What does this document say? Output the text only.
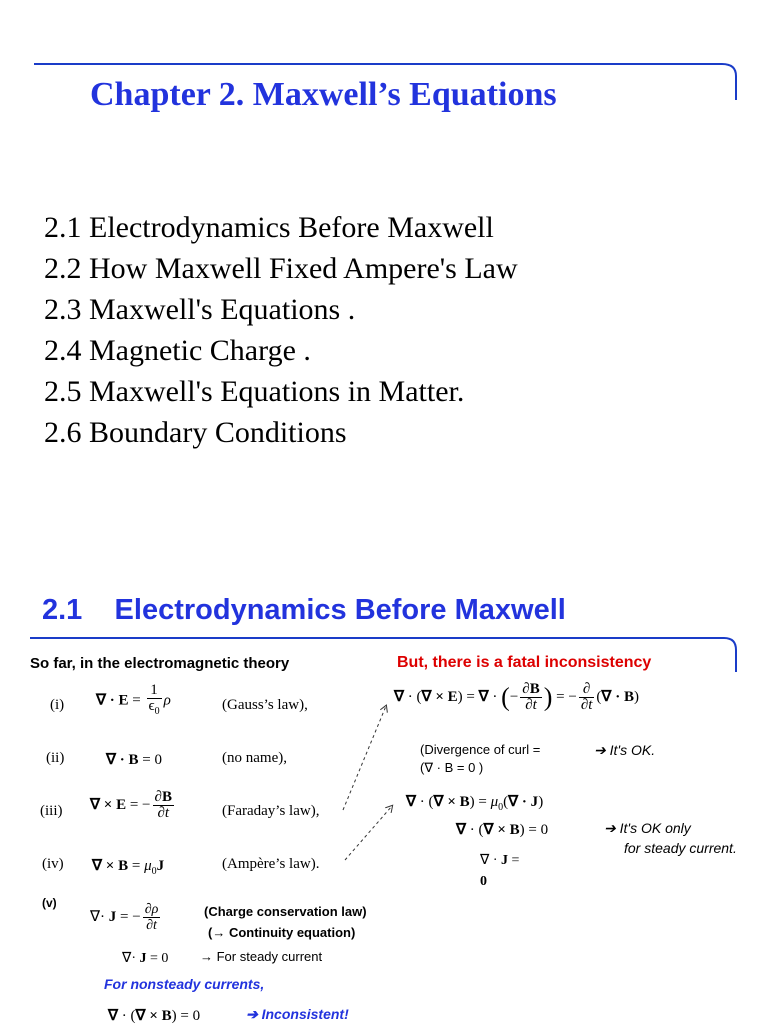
Chapter 2. Maxwell’s Equations
2.1 Electrodynamics Before Maxwell
2.2 How Maxwell Fixed Ampere's Law
2.3 Maxwell's Equations .
2.4 Magnetic Charge .
2.5 Maxwell's Equations in Matter.
2.6 Boundary Conditions
2.1    Electrodynamics Before Maxwell
So far, in the electromagnetic theory	But, there is a fatal inconsistency
(i) ∇ · $E = \frac{1}{\epsilon_0}$ ρ	(Gauss’s law),
(ii)	∇ · B = 0	(no name),
(iii) ∇ × E = − $\frac{\partial B}{\partial t}$	(Faraday’s law),
(iv) ∇ × $B = \mu_0J$	(Ampère’s law).
(v)
∇· J = − $\frac{\partial\rho}{\partial t}$	(Charge conservation law)
(→ Continuity equation)
∇· J = 0 → For steady current
For nonsteady currents,
∇ · (∇ × B) = 0	➔ Inconsistent!
∇ · (∇ × E) = ∇ · (− $\frac{\partial B}{\partial t}$ ) = − $\frac{\partial}{\partial t}$ (∇ · B)
(Divergence of curl =
(∇ · B = 0 )
➔ It's OK.
∇ · (∇ × $B) = \mu_0(\nabla \cdot J)$
∇ · (∇ × B) = 0	➔ It's OK only
for steady current.
∇ · J =
0
